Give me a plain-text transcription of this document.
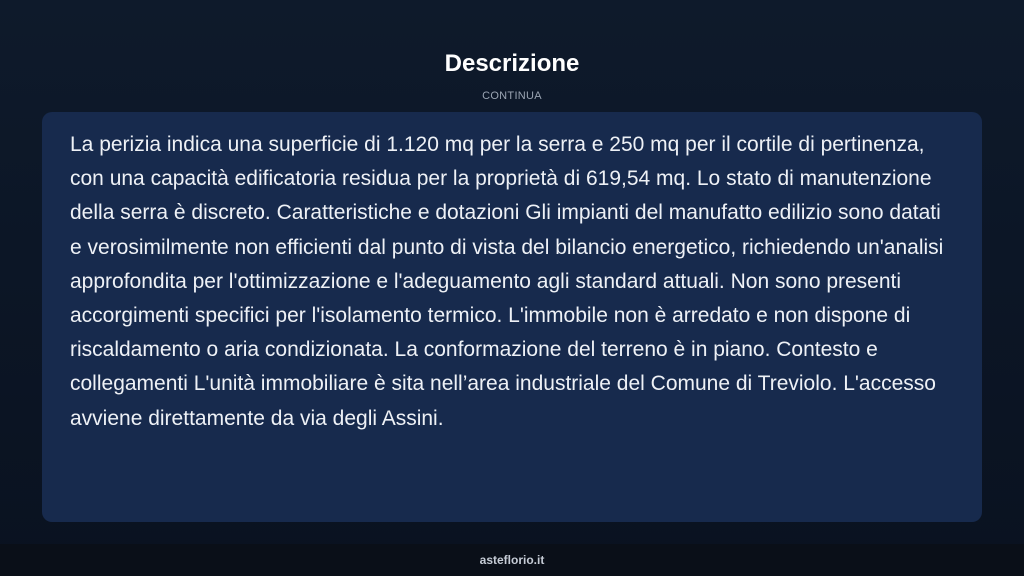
Descrizione
CONTINUA

La perizia indica una superficie di 1.120 mq per la serra e 250 mq per il cortile di pertinenza, con una capacità edificatoria residua per la proprietà di 619,54 mq. Lo stato di manutenzione della serra è discreto. Caratteristiche e dotazioni Gli impianti del manufatto edilizio sono datati e verosimilmente non efficienti dal punto di vista del bilancio energetico, richiedendo un'analisi approfondita per l'ottimizzazione e l'adeguamento agli standard attuali. Non sono presenti accorgimenti specifici per l'isolamento termico. L'immobile non è arredato e non dispone di riscaldamento o aria condizionata. La conformazione del terreno è in piano. Contesto e collegamenti L'unità immobiliare è sita nell’area industriale del Comune di Treviolo. L'accesso avviene direttamente da via degli Assini.

asteflorio.it
